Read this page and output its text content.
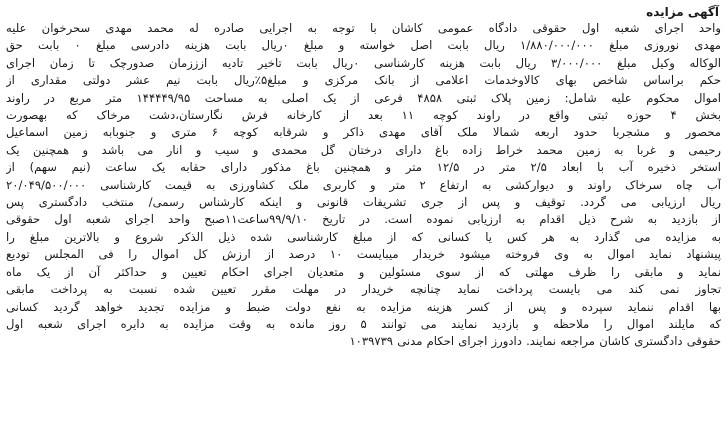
آگهی مزایده
واحد اجرای شعبه اول حقوقی دادگاه عمومی کاشان با توجه به اجرایی صادره له محمد مهدی سحرخوان علیه
مهدی نوروزی مبلغ ۱/۸۸۰/۰۰۰/۰۰۰ ریال بابت اصل خواسته و مبلغ ۰ریال بابت هزینه دادرسی مبلغ ۰ بابت حق
الوکاله وکیل مبلغ ۳/۰۰۰/۰۰۰ ریال بابت هزینه کارشناسی ۰ریال بابت تاخیر تادیه ازززمان صدورچک تا زمان اجرای
حکم براساس شاخص بهای کالاوخدمات اعلامی از بانک مرکزی و مبلغ۵٪ریال بابت نیم عشر دولتی مقداری از
اموال محکوم علیه شامل: زمین پلاک ثبتی ۴۸۵۸ فرعی از یک اصلی به مساحت ۱۴۴۴۴۹/۹۵ متر مربع در راوند
بخش ۴ حوزه ثبتی واقع در راوند کوچه ۱۱ بعد از کارخانه فرش نگارستان،دشت مرخاک که بهصورت
محصور و مشجربا حدود اربعه شمالا ملک آقای مهدی ذاکر و شرقابه کوچه ۶ متری و جنوبابه زمین اسماعیل
رحیمی و غربا به زمین محمد خراط زاده باغ دارای درختان گل محمدی و سیب و انار می باشد و همچنین یک
استخر ذخیره آب با ابعاد ۲/۵ متر در ۱۲/۵ متر و همچنین باغ مذکور دارای حقابه یک ساعت (نیم سهم) از
آب چاه سرخاک راوند و دیوارکشی به ارتفاع ۲ متر و کاربری ملک کشاورزی به قیمت کارشناسی ۲۰/۰۴۹/۵۰۰/۰۰۰
ریال ارزیابی می گردد. توقیف و پس از جری تشریفات قانونی و اینکه کارشناس رسمی/ منتخب دادگستری پس
از بازدید به شرح ذیل اقدام به ارزیابی نموده است. در تاریخ ۹۹/۹/۱۰ساعت۱۱صبح واحد اجرای شعبه اول حقوقی
به مزایده می گذارد به هر کس یا کسانی که از مبلغ کارشناسی شده ذیل الذکر شروع و بالاترین مبلغ را
پیشنهاد نماید اموال به وی فروخته میشود خریدار میبایست ۱۰ درصد از ارزش کل اموال را فی المجلس تودیع
نماید و مابقی را ظرف مهلتی که از سوی مسئولین و متعدیان اجرای احکام تعیین و حداکثر آن از یک ماه
تجاوز نمی کند می بایست پرداخت نماید چنانچه خریدار در مهلت مقرر تعیین شده نسبت به پرداخت مابقی
بها اقدام ننماید سپرده و پس از کسر هزینه مزایده به نفع دولت ضبط و مزایده تجدید خواهد گردید کسانی
که مایلند اموال را ملاحظه و بازدید نمایند می توانند ۵ روز مانده به وقت مزایده به دایره اجرای شعبه اول
حقوقی دادگستری کاشان مراجعه نمایند. دادورز اجرای احکام مدنی ۱۰۳۹۷۳۹
